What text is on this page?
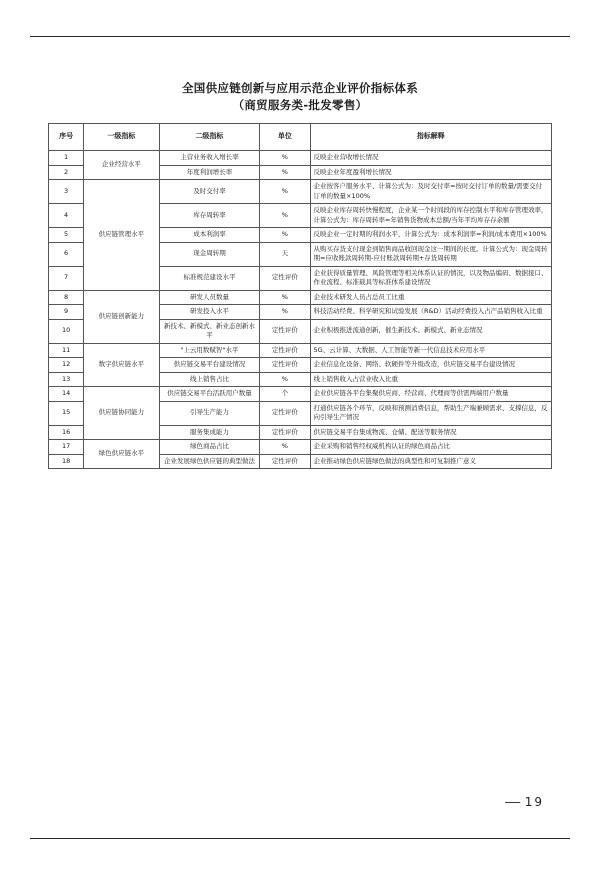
全国供应链创新与应用示范企业评价指标体系
（商贸服务类-批发零售）
序号	一级指标	二级指标	单位	指标解释
1	企业经营水平	主营业务收入增长率	%	反映企业营收增长情况
2		年度利润增长率	%	反映企业年度盈利增长情况
3	供应链管理水平	及时交付率	%	企业按客户服务水平、计算公式为：及时交付率=按时交付订单的数量/需要交付订单的数量×100%
4		库存周转率	%	反映企业库存周转快慢程度，企业某一个时间段的库存控制水平和库存管理效率，计算公式为：库存周转率=年销售货物成本总额/当年平均库存存余额
5		成本利润率	%	反映企业一定时期的利润水平，计算公式为：成本利润率=利润/成本费用×100%
6		现金周转期	天	从购买存货支付现金到销售商品收回现金这一期间的长度。计算公式为：现金周转期=应收账款周转期-应付账款周转期+存货周转期
7		标准规范建设水平	定性评价	企业获得质量管理、风险管理等相关体系认证的情况，以及物品编码、数据接口、作业流程、标准载具等标准体系建设情况
8	供应链创新能力	研发人员数量	%	企业技术研发人员占总员工比重
9		研发投入水平	%	科技活动经费、科学研究和试验发展（R&D）活动经费投入占产品销售收入比重
10		新技术、新模式、新业态创新水平	定性评价	企业积极推进流通创新，催生新技术、新模式、新业态情况
11	数字供应链水平	"上云用数赋智"水平	定性评价	5G、云计算、大数据、人工智能等新一代信息技术应用水平
12		供应链交易平台建设情况	定性评价	企业信息化设备、网络、软硬件等升级改造，供应链交易平台建设情况
13		线上销售占比	%	线上销售收入占营业收入比重
14	供应链协同能力	供应链交易平台活跃用户数量	个	企业供应链各平台集聚供应商、经营商、代理商等供需两端用户数量
15		引导生产能力	定性评价	打通供应链各个环节，反映和预测消费信息，帮助生产端兼顾需求、支撑信息，反向引导生产情况
16		服务集成能力	定性评价	供应链交易平台集成物流、仓储、配送等服务情况
17	绿色供应链水平	绿色商品占比	%	企业采购和销售经权威机构认证的绿色商品占比
18		企业发展绿色供应链的典型做法	定性评价	企业推动绿色供应链绿色做法的典型性和可复制推广意义
—19
